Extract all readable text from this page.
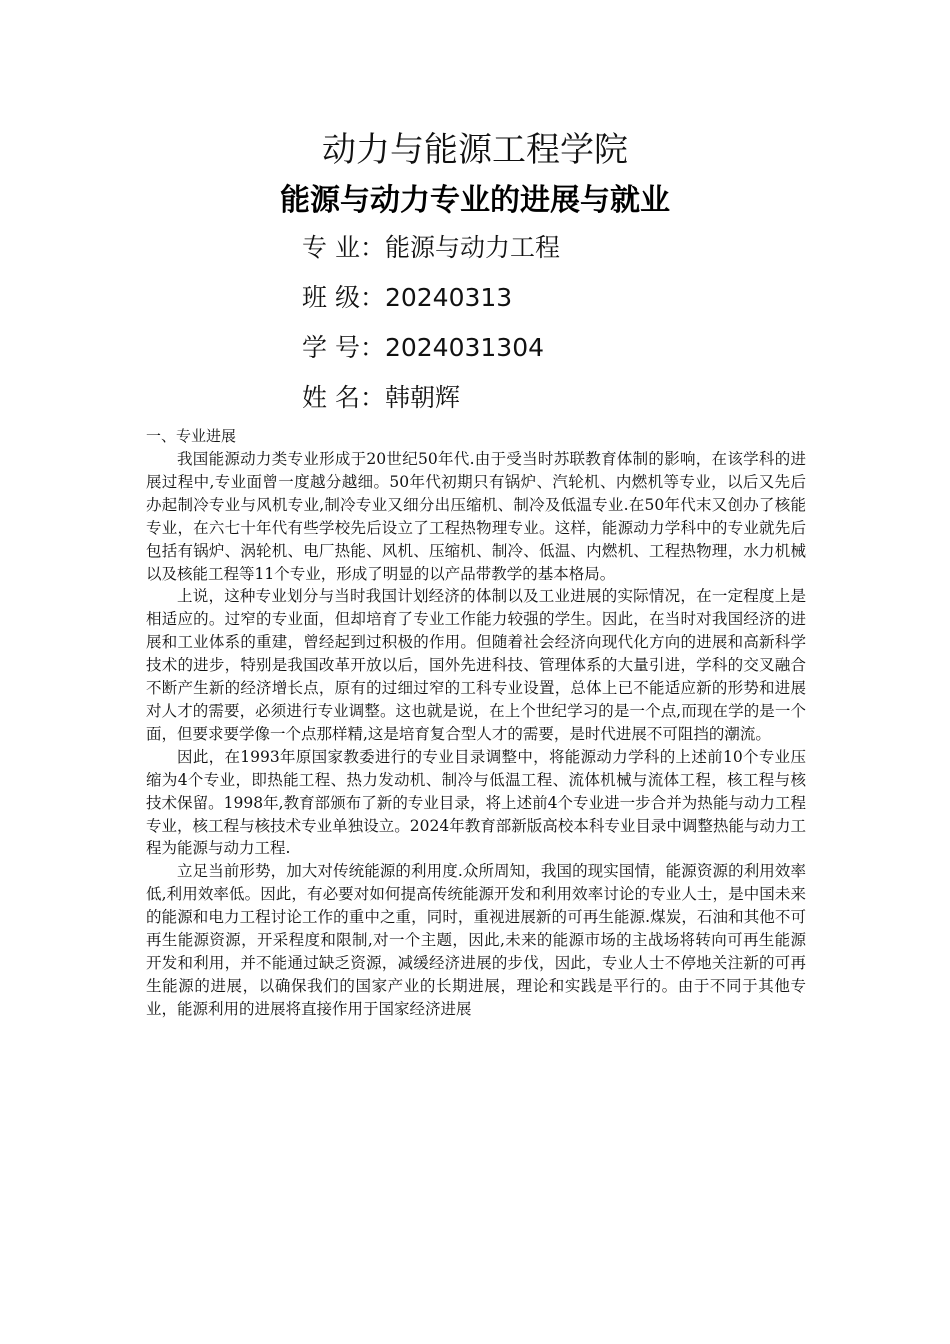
动力与能源工程学院
能源与动力专业的进展与就业
专 业：能源与动力工程
班 级：20240313
学 号：2024031304
姓 名：韩朝辉
一、专业进展

我国能源动力类专业形成于20世纪50年代.由于受当时苏联教育体制的影响，在该学科的进展过程中,专业面曾一度越分越细。50年代初期只有锅炉、汽轮机、内燃机等专业，以后又先后办起制冷专业与风机专业,制冷专业又细分出压缩机、制冷及低温专业.在50年代末又创办了核能专业，在六七十年代有些学校先后设立了工程热物理专业。这样，能源动力学科中的专业就先后包括有锅炉、涡轮机、电厂热能、风机、压缩机、制冷、低温、内燃机、工程热物理，水力机械以及核能工程等11个专业，形成了明显的以产品带教学的基本格局。

上说，这种专业划分与当时我国计划经济的体制以及工业进展的实际情况，在一定程度上是相适应的。过窄的专业面，但却培育了专业工作能力较强的学生。因此，在当时对我国经济的进展和工业体系的重建，曾经起到过积极的作用。但随着社会经济向现代化方向的进展和高新科学技术的进步，特别是我国改革开放以后，国外先进科技、管理体系的大量引进，学科的交叉融合不断产生新的经济增长点，原有的过细过窄的工科专业设置，总体上已不能适应新的形势和进展对人才的需要，必须进行专业调整。这也就是说，在上个世纪学习的是一个点,而现在学的是一个面，但要求要学像一个点那样精,这是培育复合型人才的需要，是时代进展不可阻挡的潮流。

因此，在1993年原国家教委进行的专业目录调整中，将能源动力学科的上述前10个专业压缩为4个专业，即热能工程、热力发动机、制冷与低温工程、流体机械与流体工程，核工程与核技术保留。1998年,教育部颁布了新的专业目录，将上述前4个专业进一步合并为热能与动力工程专业，核工程与核技术专业单独设立。2024年教育部新版高校本科专业目录中调整热能与动力工程为能源与动力工程.

立足当前形势，加大对传统能源的利用度.众所周知，我国的现实国情，能源资源的利用效率低,利用效率低。因此，有必要对如何提高传统能源开发和利用效率讨论的专业人士，是中国未来的能源和电力工程讨论工作的重中之重，同时，重视进展新的可再生能源.煤炭，石油和其他不可再生能源资源，开采程度和限制,对一个主题，因此,未来的能源市场的主战场将转向可再生能源开发和利用，并不能通过缺乏资源，减缓经济进展的步伐，因此，专业人士不停地关注新的可再生能源的进展，以确保我们的国家产业的长期进展，理论和实践是平行的。由于不同于其他专业，能源利用的进展将直接作用于国家经济进展
